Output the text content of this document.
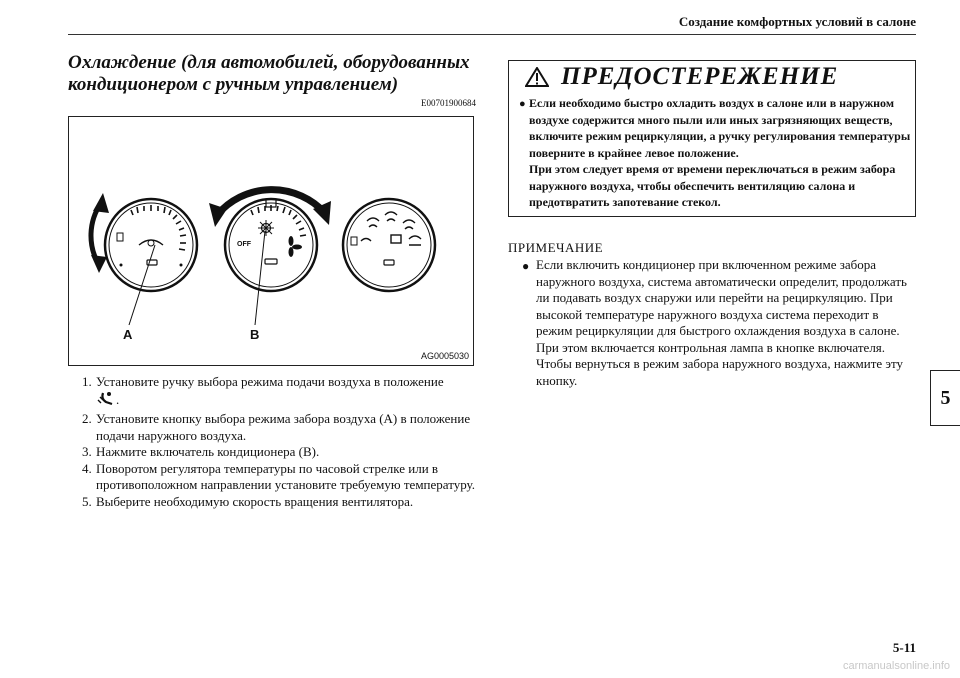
Создание комфортных условий в салоне
Охлаждение (для автомобилей, оборудованных кондиционером с ручным управлением)
E00701900684
OFF
A	B
AG0005030
1. Установите ручку выбора режима подачи воздуха в положение
.
2. Установите кнопку выбора режима забора воздуха (A) в положение подачи наружного воздуха.
3. Нажмите включатель кондиционера (B).
4. Поворотом регулятора температуры по часовой стрелке или в противоположном направлении установите требуемую температуру.
5. Выберите необходимую скорость вращения вентилятора.
ПРЕДОСТЕРЕЖЕНИЕ
● Если необходимо быстро охладить воздух в салоне или в наружном воздухе содержится много пыли или иных загрязняющих веществ, включите режим рециркуляции, а ручку регулирования температуры поверните в крайнее левое положение.

При этом следует время от времени переключаться в режим забора наружного воздуха, чтобы обеспечить вентиляцию салона и предотвратить запотевание стекол.

ПРИМЕЧАНИЕ
● Если включить кондиционер при включенном режиме забора наружного воздуха, система автоматически определит, продолжать ли подавать воздух снаружи или перейти на рециркуляцию. При высокой температуре наружного воздуха система переходит в режим рециркуляции для быстрого охлаждения воздуха в салоне. При этом включается контрольная лампа в кнопке включателя. Чтобы вернуться в режим забора наружного воздуха, нажмите эту кнопку.
5
5-11
carmanualsonline.info
